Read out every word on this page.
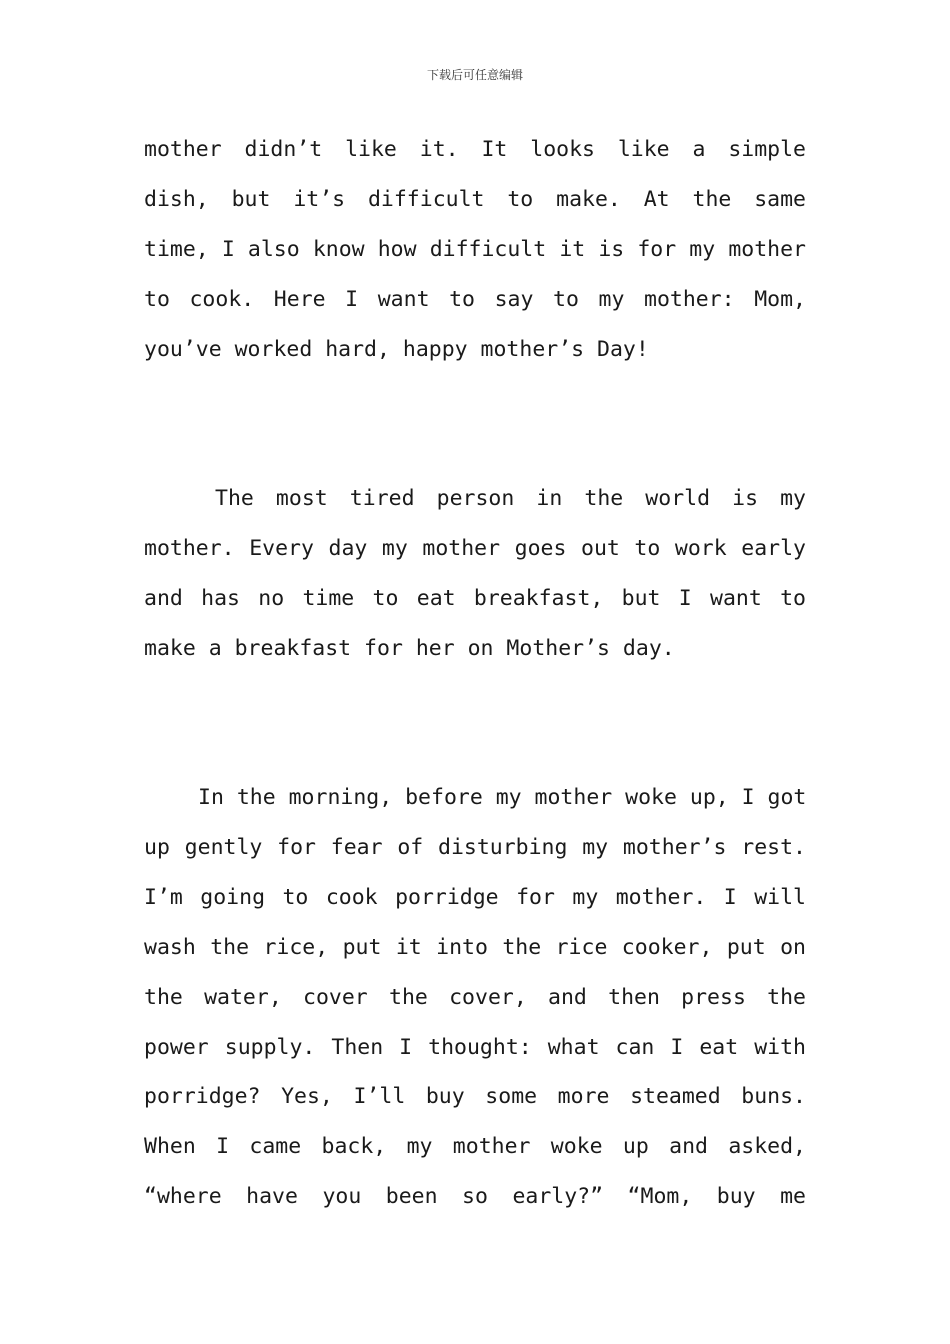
下载后可任意编辑
mother didn’t like it. It looks like a simple
dish, but it’s difficult to make. At the same
time, I also know how difficult it is for my mother
to cook. Here I want to say to my mother: Mom,
you’ve worked hard, happy mother’s Day!
The most tired person in the world is my
mother. Every day my mother goes out to work early
and has no time to eat breakfast, but I want to
make a breakfast for her on Mother’s day.
In the morning, before my mother woke up, I got
up gently for fear of disturbing my mother’s rest.
I’m going to cook porridge for my mother. I will
wash the rice, put it into the rice cooker, put on
the water, cover the cover, and then press the
power supply. Then I thought: what can I eat with
porridge? Yes, I’ll buy some more steamed buns.
When I came back, my mother woke up and asked,
“where have you been so early?” “Mom, buy me
